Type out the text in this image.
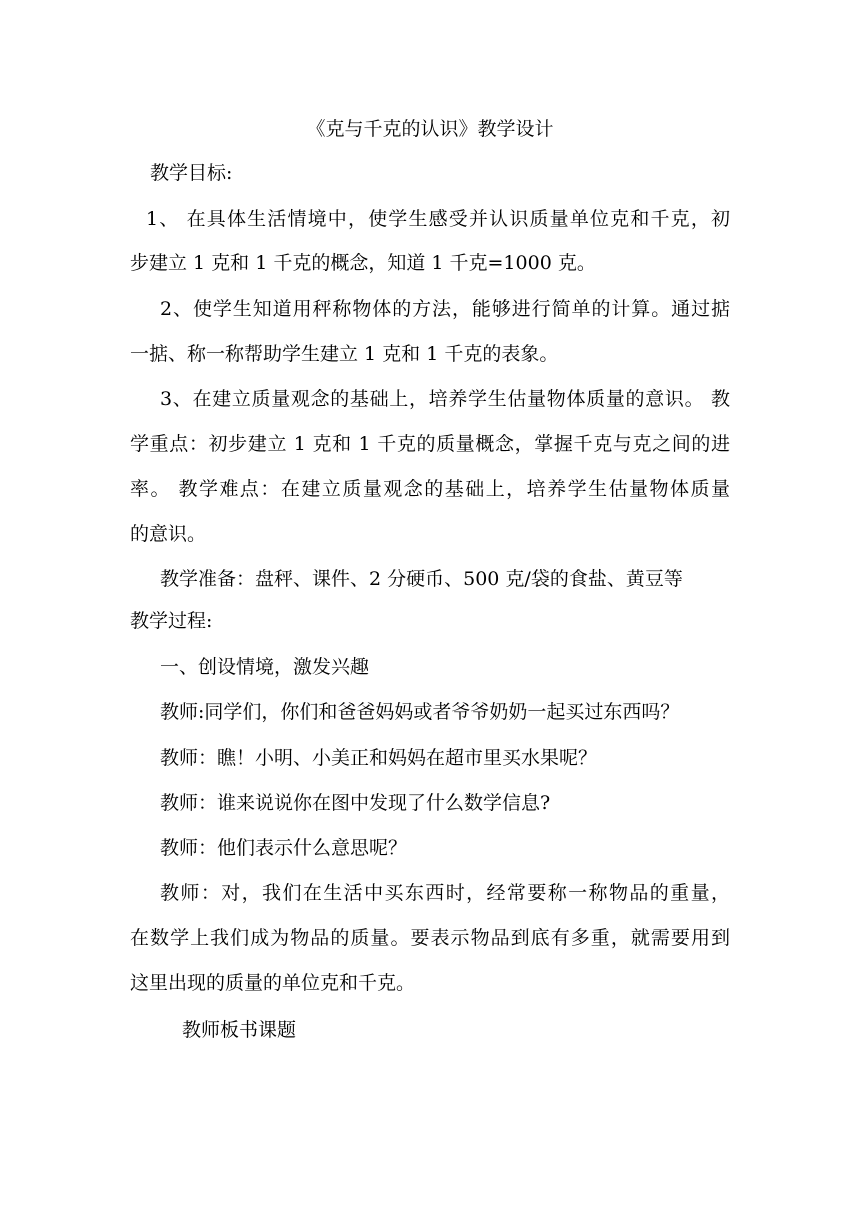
《克与千克的认识》教学设计
教学目标:
1、 在具体生活情境中，使学生感受并认识质量单位克和千克，初
步建立 1 克和 1 千克的概念，知道 1 千克=1000 克。
2、使学生知道用秤称物体的方法，能够进行简单的计算。通过掂
一掂、称一称帮助学生建立 1 克和 1 千克的表象。
3、在建立质量观念的基础上，培养学生估量物体质量的意识。 教
学重点：初步建立 1 克和 1 千克的质量概念，掌握千克与克之间的进
率。 教学难点：在建立质量观念的基础上，培养学生估量物体质量
的意识。
教学准备：盘秤、课件、2 分硬币、500 克/袋的食盐、黄豆等
教学过程:
一、创设情境，激发兴趣
教师:同学们，你们和爸爸妈妈或者爷爷奶奶一起买过东西吗？
教师：瞧！小明、小美正和妈妈在超市里买水果呢？
教师：谁来说说你在图中发现了什么数学信息?
教师：他们表示什么意思呢？
教师：对，我们在生活中买东西时，经常要称一称物品的重量，
在数学上我们成为物品的质量。要表示物品到底有多重，就需要用到
这里出现的质量的单位克和千克。
教师板书课题
